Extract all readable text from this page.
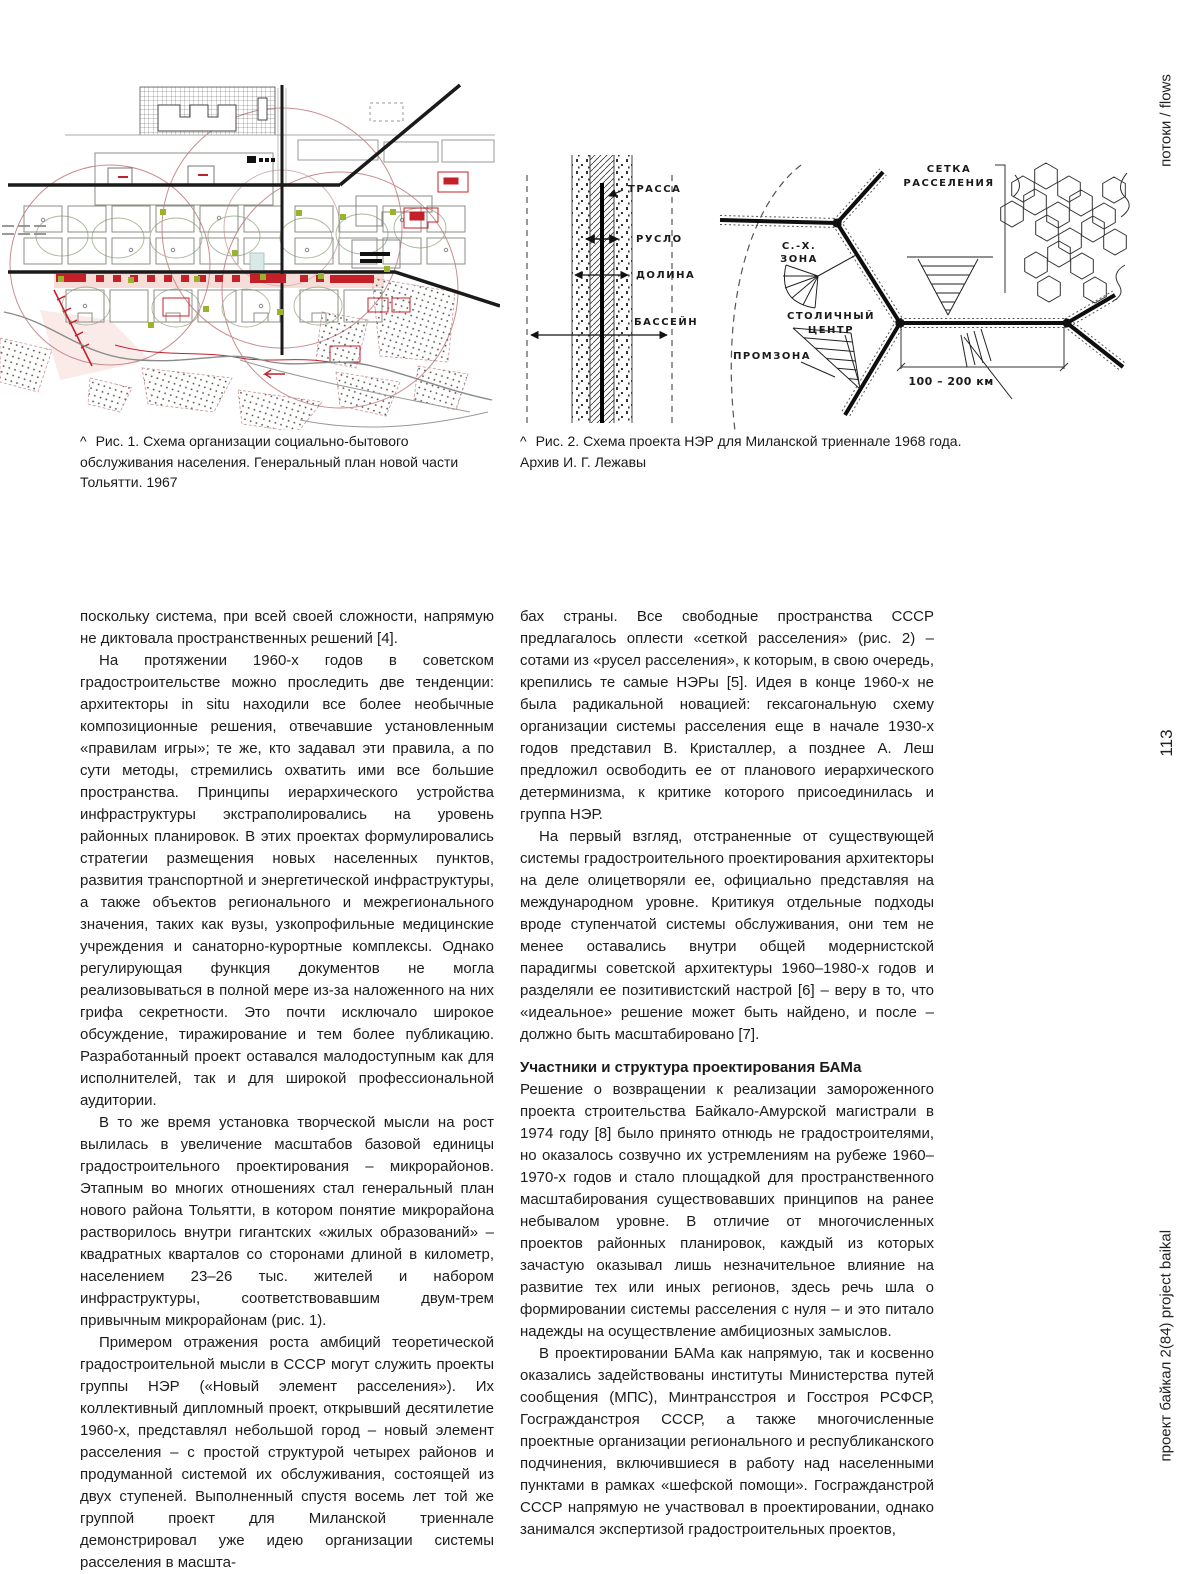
ТРАССА
РУСЛО
ДОЛИНА
БАССЕЙН
СЕТКА
РАССЕЛЕНИЯ
С.-Х.
ЗОНА
СТОЛИЧНЫЙ
ЦЕНТР
ПРОМЗОНА
100 – 200 км
^ Рис. 1. Схема организации социально-бытового обслуживания населения. Генеральный план новой части Тольятти. 1967
^ Рис. 2. Схема проекта НЭР для Миланской триеннале 1968 года. Архив И. Г. Лежавы

поскольку система, при всей своей сложности, напрямую не диктовала пространственных решений [4].

На протяжении 1960-х годов в советском градостроительстве можно проследить две тенденции: архитекторы in situ находили все более необычные композиционные решения, отвечавшие установленным «правилам игры»; те же, кто задавал эти правила, а по сути методы, стремились охватить ими все большие пространства. Принципы иерархического устройства инфраструктуры экстраполировались на уровень районных планировок. В этих проектах формулировались стратегии размещения новых населенных пунктов, развития транспортной и энергетической инфраструктуры, а также объектов регионального и межрегионального значения, таких как вузы, узкопрофильные медицинские учреждения и санаторно-курортные комплексы. Однако регулирующая функция документов не могла реализовываться в полной мере из-за наложенного на них грифа секретности. Это почти исключало широкое обсуждение, тиражирование и тем более публикацию. Разработанный проект оставался малодоступным как для исполнителей, так и для широкой профессиональной аудитории.

В то же время установка творческой мысли на рост вылилась в увеличение масштабов базовой единицы градостроительного проектирования – микрорайонов. Этапным во многих отношениях стал генеральный план нового района Тольятти, в котором понятие микрорайона растворилось внутри гигантских «жилых образований» – квадратных кварталов со сторонами длиной в километр, населением 23–26 тыс. жителей и набором инфраструктуры, соответствовавшим двум-трем привычным микрорайонам (рис. 1).

Примером отражения роста амбиций теоретической градостроительной мысли в СССР могут служить проекты группы НЭР («Новый элемент расселения»). Их коллективный дипломный проект, открывший десятилетие 1960-х, представлял небольшой город – новый элемент расселения – с простой структурой четырех районов и продуманной системой их обслуживания, состоящей из двух ступеней. Выполненный спустя восемь лет той же группой проект для Миланской триеннале демонстрировал уже идею организации системы расселения в масшта-

бах страны. Все свободные пространства СССР предлагалось оплести «сеткой расселения» (рис. 2) – сотами из «русел расселения», к которым, в свою очередь, крепились те самые НЭРы [5]. Идея в конце 1960-х не была радикальной новацией: гексагональную схему организации системы расселения еще в начале 1930-х годов представил В. Кристаллер, а позднее А. Леш предложил освободить ее от планового иерархического детерминизма, к критике которого присоединилась и группа НЭР.

На первый взгляд, отстраненные от существующей системы градостроительного проектирования архитекторы на деле олицетворяли ее, официально представляя на международном уровне. Критикуя отдельные подходы вроде ступенчатой системы обслуживания, они тем не менее оставались внутри общей модернистской парадигмы советской архитектуры 1960–1980-х годов и разделяли ее позитивистский настрой [6] – веру в то, что «идеальное» решение может быть найдено, и после – должно быть масштабировано [7].

Участники и структура проектирования БАМа

Решение о возвращении к реализации замороженного проекта строительства Байкало-Амурской магистрали в 1974 году [8] было принято отнюдь не градостроителями, но оказалось созвучно их устремлениям на рубеже 1960–1970-х годов и стало площадкой для пространственного масштабирования существовавших принципов на ранее небывалом уровне. В отличие от многочисленных проектов районных планировок, каждый из которых зачастую оказывал лишь незначительное влияние на развитие тех или иных регионов, здесь речь шла о формировании системы расселения с нуля – и это питало надежды на осуществление амбициозных замыслов.

В проектировании БАМа как напрямую, так и косвенно оказались задействованы институты Министерства путей сообщения (МПС), Минтрансстроя и Госстроя РСФСР, Госгражданстроя СССР, а также многочисленные проектные организации регионального и республиканского подчинения, включившиеся в работу над населенными пунктами в рамках «шефской помощи». Госгражданстрой СССР напрямую не участвовал в проектировании, однако занимался экспертизой градостроительных проектов,

потоки / flows
113
проект байкал 2(84) project baikal
